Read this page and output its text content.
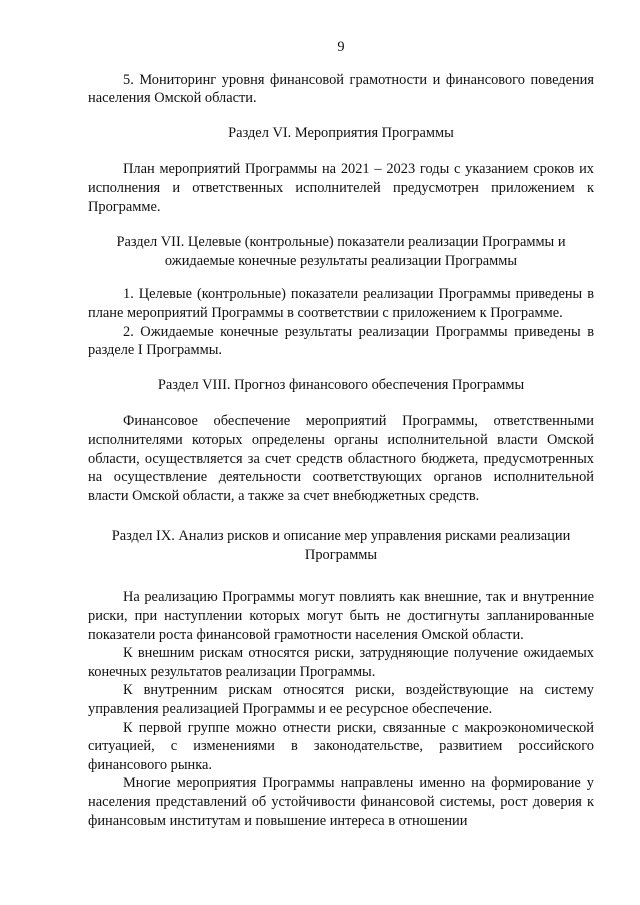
9

5. Мониторинг уровня финансовой грамотности и финансового поведения населения Омской области.

Раздел VI. Мероприятия Программы

План мероприятий Программы на 2021 – 2023 годы с указанием сроков их исполнения и ответственных исполнителей предусмотрен приложением к Программе.

Раздел VII. Целевые (контрольные) показатели реализации Программы и ожидаемые конечные результаты реализации Программы

1. Целевые (контрольные) показатели реализации Программы приведены в плане мероприятий Программы в соответствии с приложением к Программе.

2. Ожидаемые конечные результаты реализации Программы приведены в разделе I Программы.

Раздел VIII. Прогноз финансового обеспечения Программы

Финансовое обеспечение мероприятий Программы, ответственными исполнителями которых определены органы исполнительной власти Омской области, осуществляется за счет средств областного бюджета, предусмотренных на осуществление деятельности соответствующих органов исполнительной власти Омской области, а также за счет внебюджетных средств.

Раздел IX. Анализ рисков и описание мер управления рисками реализации Программы

На реализацию Программы могут повлиять как внешние, так и внутренние риски, при наступлении которых могут быть не достигнуты запланированные показатели роста финансовой грамотности населения Омской области.

К внешним рискам относятся риски, затрудняющие получение ожидаемых конечных результатов реализации Программы.

К внутренним рискам относятся риски, воздействующие на систему управления реализацией Программы и ее ресурсное обеспечение.

К первой группе можно отнести риски, связанные с макроэкономической ситуацией, с изменениями в законодательстве, развитием российского финансового рынка.

Многие мероприятия Программы направлены именно на формирование у населения представлений об устойчивости финансовой системы, рост доверия к финансовым институтам и повышение интереса в отношении
